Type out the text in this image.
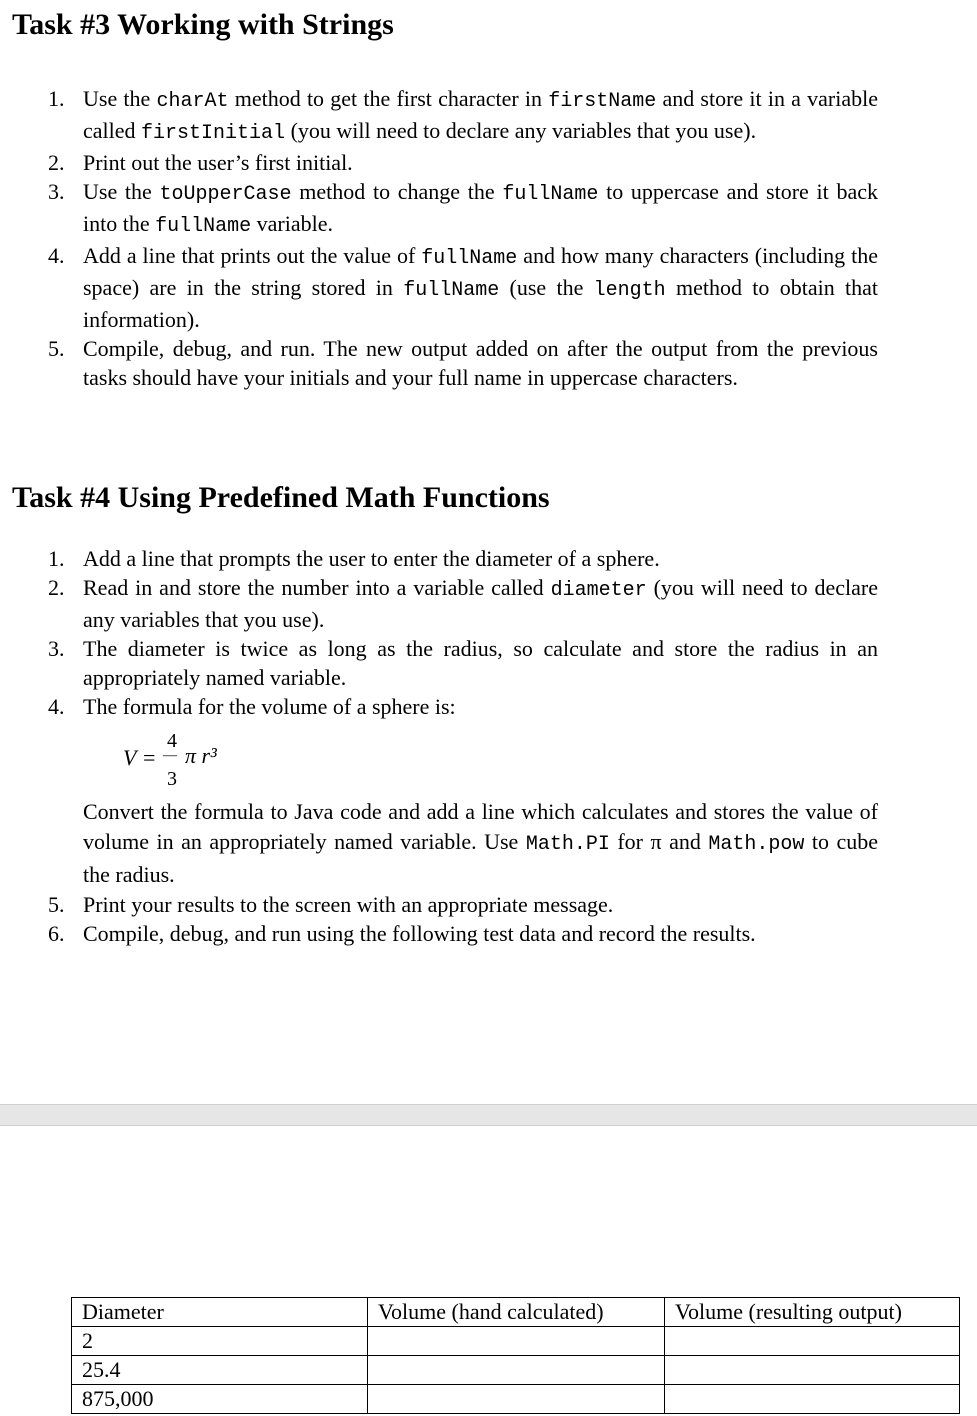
Task #3 Working with Strings
1. Use the charAt method to get the first character in firstName and store it in a variable called firstInitial (you will need to declare any variables that you use).
2. Print out the user’s first initial.
3. Use the toUpperCase method to change the fullName to uppercase and store it back into the fullName variable.
4. Add a line that prints out the value of fullName and how many characters (including the space) are in the string stored in fullName (use the length method to obtain that information).
5. Compile, debug, and run. The new output added on after the output from the previous tasks should have your initials and your full name in uppercase characters.
Task #4 Using Predefined Math Functions
1. Add a line that prompts the user to enter the diameter of a sphere.
2. Read in and store the number into a variable called diameter (you will need to declare any variables that you use).
3. The diameter is twice as long as the radius, so calculate and store the radius in an appropriately named variable.
4. The formula for the volume of a sphere is:
V =
4
—
3
π r³
Convert the formula to Java code and add a line which calculates and stores the value of volume in an appropriately named variable. Use Math.PI for π and Math.pow to cube the radius.
5. Print your results to the screen with an appropriate message.
6. Compile, debug, and run using the following test data and record the results.
Diameter	Volume (hand calculated)	Volume (resulting output)
2		
25.4		
875,000		
